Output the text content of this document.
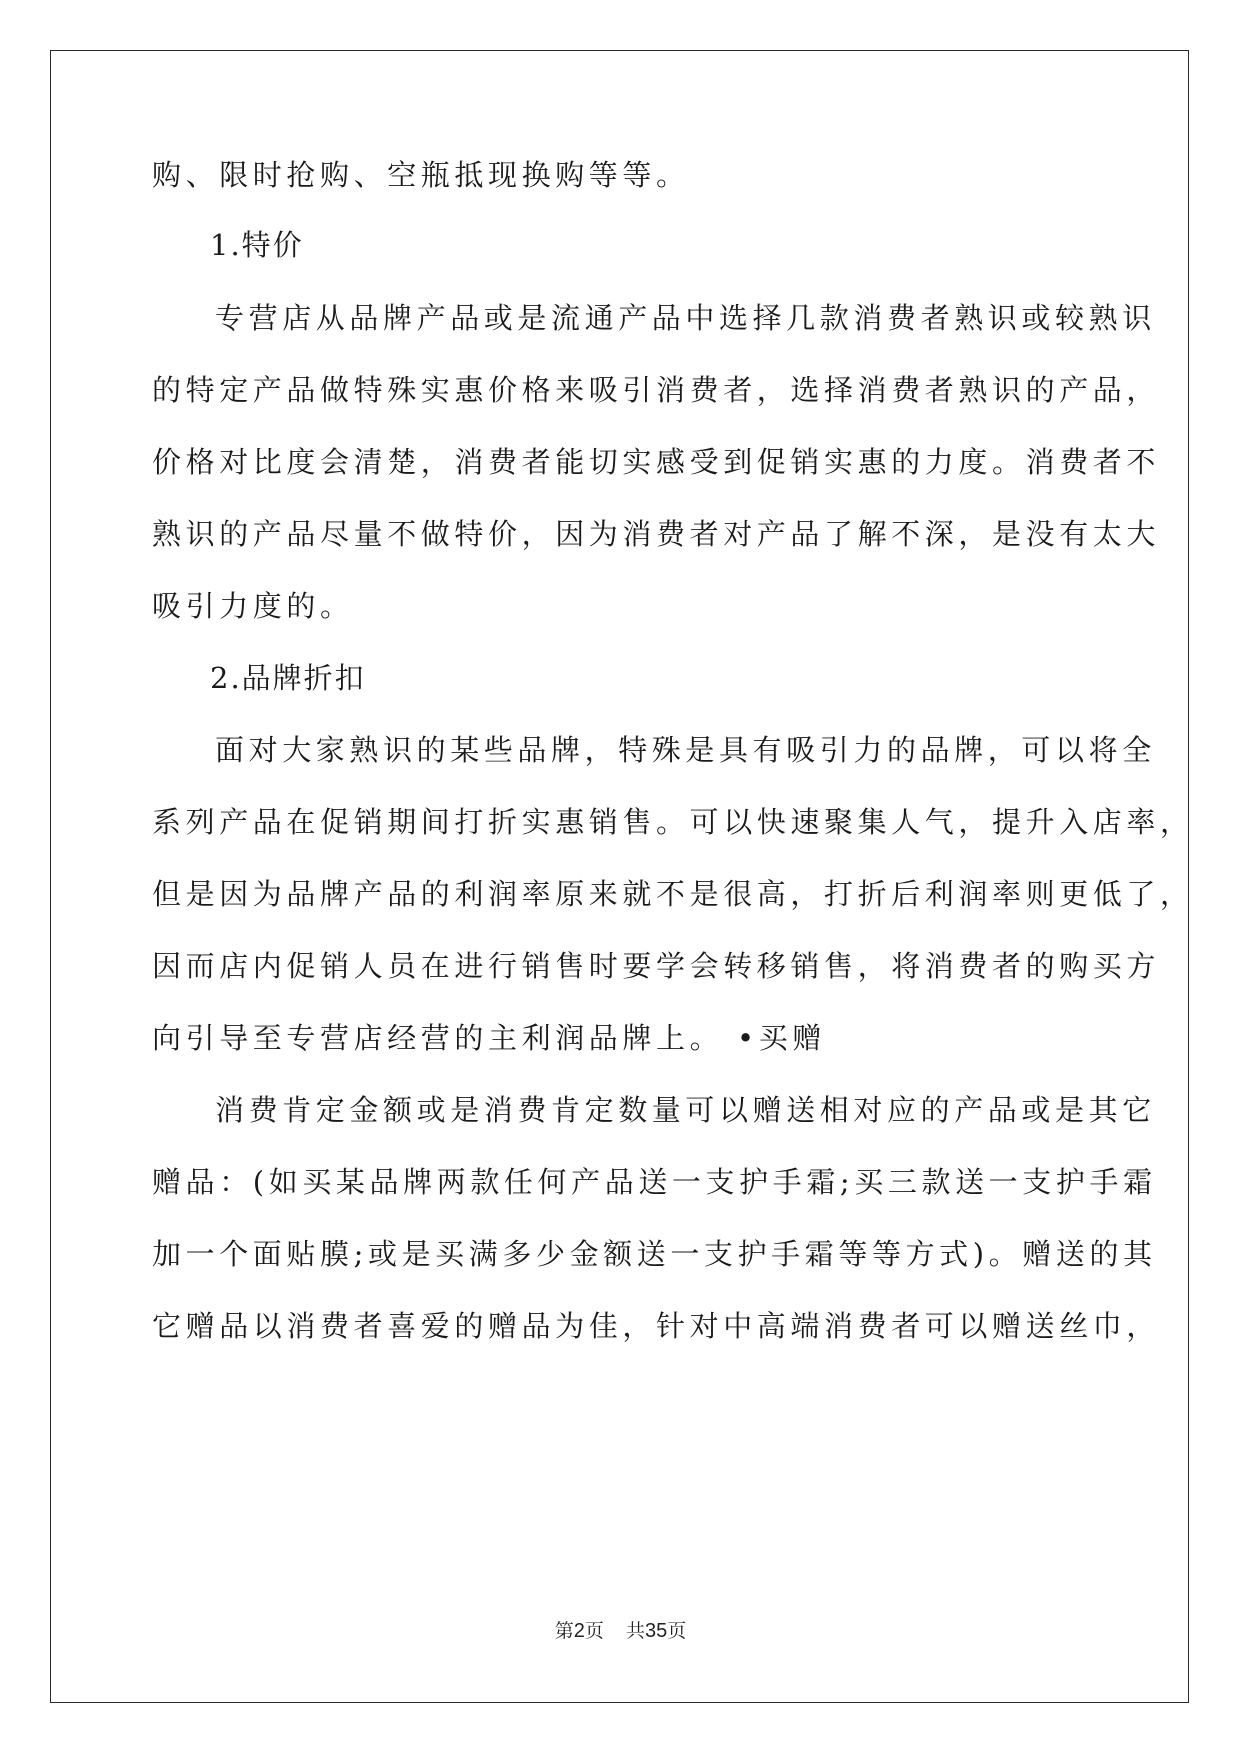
购、限时抢购、空瓶抵现换购等等。
1.特价
专营店从品牌产品或是流通产品中选择几款消费者熟识或较熟识
的特定产品做特殊实惠价格来吸引消费者，选择消费者熟识的产品，
价格对比度会清楚，消费者能切实感受到促销实惠的力度。消费者不
熟识的产品尽量不做特价，因为消费者对产品了解不深，是没有太大
吸引力度的。
2.品牌折扣
面对大家熟识的某些品牌，特殊是具有吸引力的品牌，可以将全
系列产品在促销期间打折实惠销售。可以快速聚集人气，提升入店率，
但是因为品牌产品的利润率原来就不是很高，打折后利润率则更低了，
因而店内促销人员在进行销售时要学会转移销售，将消费者的购买方
向引导至专营店经营的主利润品牌上。 •买赠
消费肯定金额或是消费肯定数量可以赠送相对应的产品或是其它
赠品：(如买某品牌两款任何产品送一支护手霜;买三款送一支护手霜
加一个面贴膜;或是买满多少金额送一支护手霜等等方式)。赠送的其
它赠品以消费者喜爱的赠品为佳，针对中高端消费者可以赠送丝巾，
第2页 共35页
